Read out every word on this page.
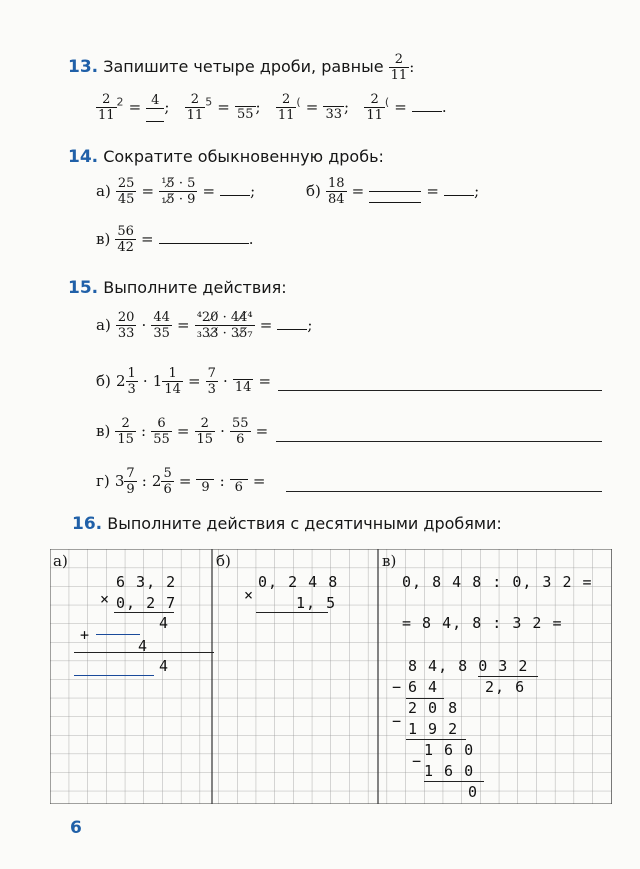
13. Запишите четыре дроби, равные $\frac{2}{11}$ :
$\frac{2}{11} ^2 = 4$ ; $\frac{2}{11} ^5 = 55$ ; $\frac{2}{11} ^( = 33$ ; $\frac{2}{11} ^($ = .
14. Сократите обыкновенную дробь:
$а) \frac{25}{45} = \frac{\text{¹5̸ · 5}}{\text{₁5̸ · 9}}$ = ;	$б) \frac{18}{84}$ =	= ;
$в) \frac{56}{42}$ =	.
15. Выполните действия:
$а) \frac{20}{33} \cdot \frac{44}{35} = \frac{\text{⁴20̸ · 44̸⁴}}{\text{₃33̸ · 35̸₇}}$ = ;
б) $2 \frac{1}{3} \cdot 1 \frac{1}{14} = \frac{7}{3} \cdot 14$ =
$в) \frac{2}{15}$ : $\frac{6}{55} = \frac{2}{15} \cdot \frac{55}{6}$ =
г) $3 \frac{7}{9}$ : $2 \frac{5}{6} = 9$ : 6 =
16. Выполните действия с десятичными дробями:
а)
×
6 3, 2
0, 2 7
4
+
4
4
б)
×
0, 2 4 8
1, 5
в)
0, 8 4 8 : 0, 3 2 =
= 8 4, 8 : 3 2 =
8 4, 8 0 3 2
2, 6
− 6 4
2 0 8
− 1 9 2
1 6 0
−
1 6 0
0
6
